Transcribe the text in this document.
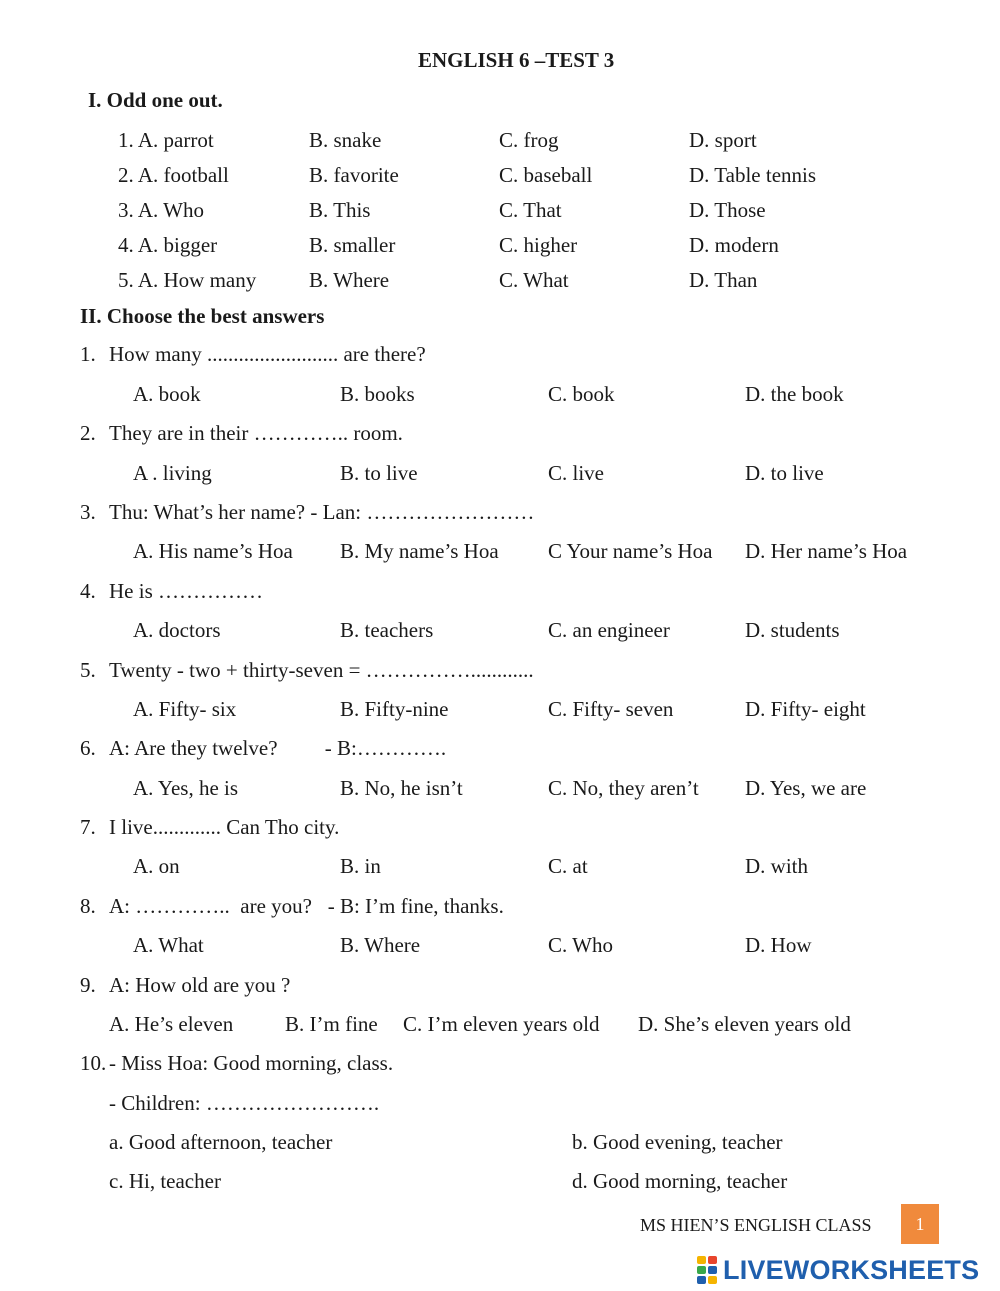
ENGLISH 6 –TEST 3
I. Odd one out.
1. A. parrot	B. snake	C. frog	D. sport
2. A. football	B. favorite	C. baseball	D. Table tennis
3. A. Who	B. This	C. That	D. Those
4. A. bigger	B. smaller	C. higher	D. modern
5. A. How many	B. Where	C. What	D. Than
II. Choose the best answers
1. How many ......................... are there?
A. book	B. books	C. book	D. the book
2. They are in their ………….. room.
A . living	B. to live	C. live	D. to live
3. Thu: What’s her name? - Lan: ……………………
A. His name’s Hoa B. My name’s Hoa C Your name’s Hoa D. Her name’s Hoa
4. He is ……………
A. doctors	B. teachers	C. an engineer	D. students
5. Twenty - two + thirty-seven = ……………............
A. Fifty- six	B. Fifty-nine	C. Fifty- seven	D. Fifty- eight
6. A: Are they twelve?         - B:………….
A. Yes, he is	B. No, he isn’t	C. No, they aren’t D. Yes, we are
7. I live............. Can Tho city.
A. on	B. in	C. at	D. with
8. A: …………..  are you?   - B: I’m fine, thanks.
A. What	B. Where	C. Who	D. How
9. A: How old are you ?
A. He’s eleven B. I’m fine C. I’m eleven years old D. She’s eleven years old
10. - Miss Hoa: Good morning, class.
- Children: …………………….
a. Good afternoon, teacher	b. Good evening, teacher
c. Hi, teacher	d. Good morning, teacher
MS HIEN’S ENGLISH CLASS	1
LIVEWORKSHEETS
